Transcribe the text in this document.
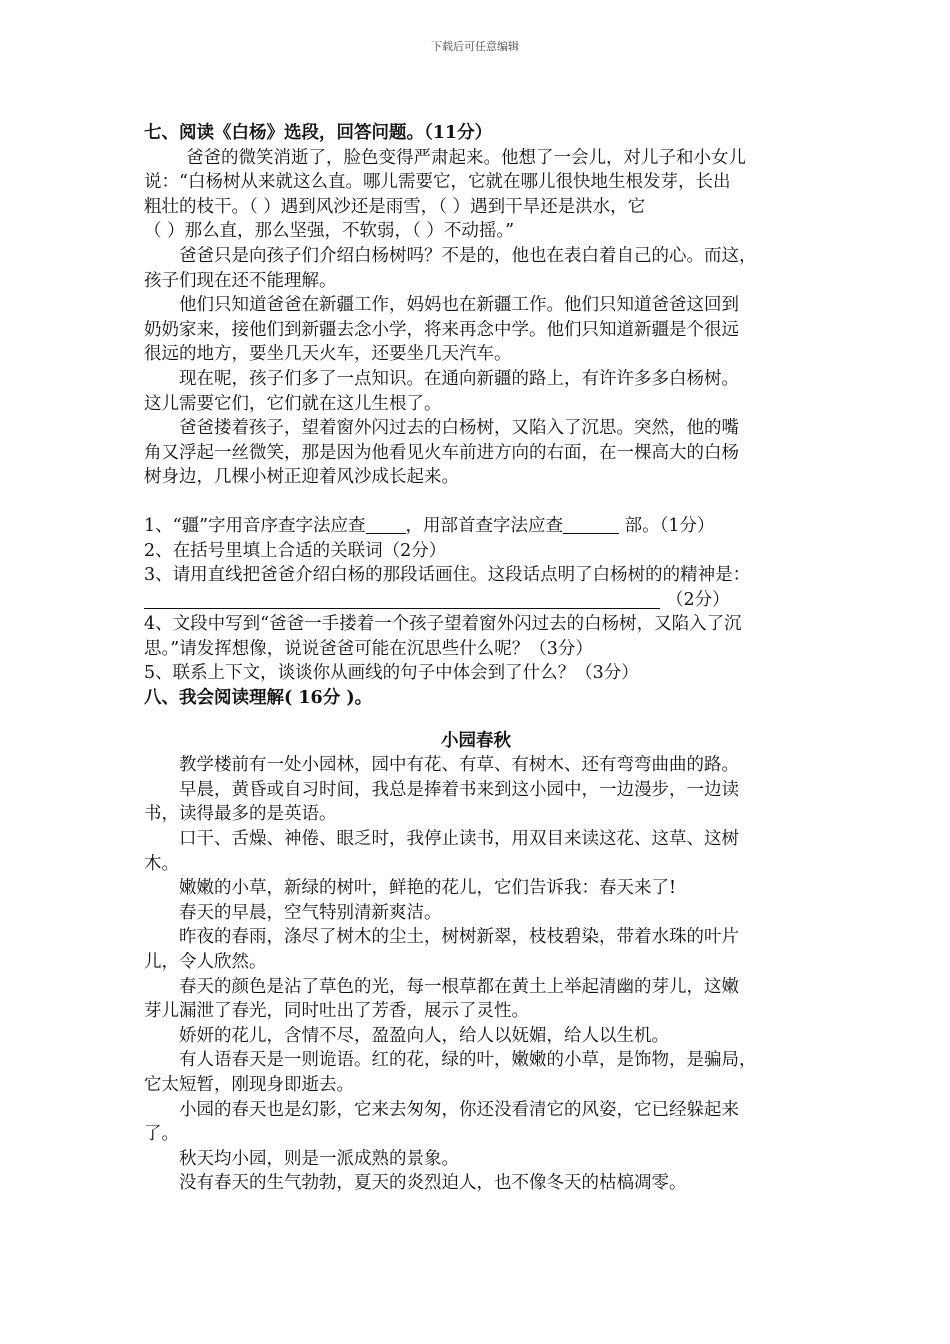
下载后可任意编辑

七、阅读《白杨》选段，回答问题。（11分）

爸爸的微笑消逝了，脸色变得严肃起来。他想了一会儿，对儿子和小女儿

说：“白杨树从来就这么直。哪儿需要它，它就在哪儿很快地生根发芽，长出

粗壮的枝干。（ ）遇到风沙还是雨雪，（ ）遇到干旱还是洪水，它

（ ）那么直，那么坚强，不软弱，（ ）不动摇。”

爸爸只是向孩子们介绍白杨树吗？不是的，他也在表白着自己的心。而这，

孩子们现在还不能理解。

他们只知道爸爸在新疆工作，妈妈也在新疆工作。他们只知道爸爸这回到

奶奶家来，接他们到新疆去念小学，将来再念中学。他们只知道新疆是个很远

很远的地方，要坐几天火车，还要坐几天汽车。

现在呢，孩子们多了一点知识。在通向新疆的路上，有许许多多白杨树。

这儿需要它们，它们就在这儿生根了。

爸爸搂着孩子，望着窗外闪过去的白杨树，又陷入了沉思。突然，他的嘴

角又浮起一丝微笑，那是因为他看见火车前进方向的右面，在一棵高大的白杨

树身边，几棵小树正迎着风沙成长起来。

1、“疆”字用音序查字法应查 ，用部首查字法应查	部。（1分）

2、在括号里填上合适的关联词（2分）

3、请用直线把爸爸介绍白杨的那段话画住。这段话点明了白杨树的的精神是：

（2分）

4、文段中写到“爸爸一手搂着一个孩子望着窗外闪过去的白杨树，又陷入了沉

思。”请发挥想像，说说爸爸可能在沉思些什么呢？（3分）

5、联系上下文，谈谈你从画线的句子中体会到了什么？（3分）

八、我会阅读理解( 16分 )。

小园春秋

教学楼前有一处小园林，园中有花、有草、有树木、还有弯弯曲曲的路。

早晨，黄昏或自习时间，我总是捧着书来到这小园中，一边漫步，一边读

书，读得最多的是英语。

口干、舌燥、神倦、眼乏时，我停止读书，用双目来读这花、这草、这树

木。

嫩嫩的小草，新绿的树叶，鲜艳的花儿，它们告诉我：春天来了!

春天的早晨，空气特别清新爽洁。

昨夜的春雨，涤尽了树木的尘土，树树新翠，枝枝碧染，带着水珠的叶片

儿，令人欣然。

春天的颜色是沾了草色的光，每一根草都在黄土上举起清幽的芽儿，这嫩

芽儿漏泄了春光，同时吐出了芳香，展示了灵性。

娇妍的花儿，含情不尽，盈盈向人，给人以妩媚，给人以生机。

有人语春天是一则诡语。红的花，绿的叶，嫩嫩的小草，是饰物，是骗局，

它太短暂，刚现身即逝去。

小园的春天也是幻影，它来去匆匆，你还没看清它的风姿，它已经躲起来

了。

秋天均小园，则是一派成熟的景象。

没有春天的生气勃勃，夏天的炎烈迫人，也不像冬天的枯槁凋零。
